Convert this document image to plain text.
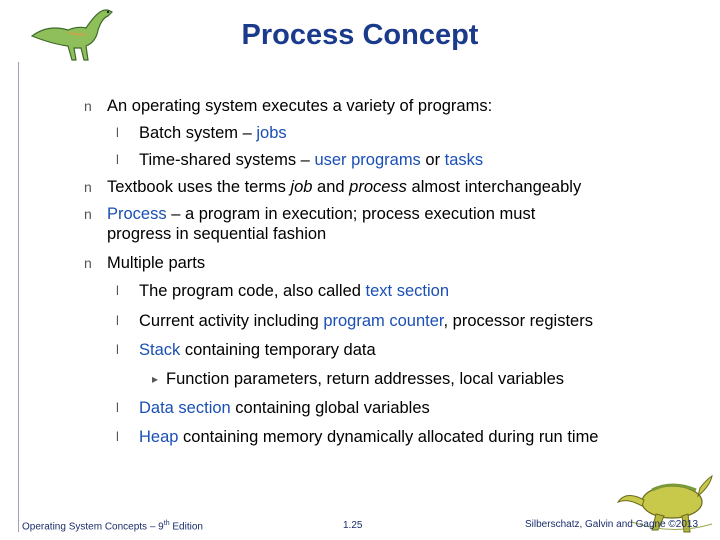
Process Concept
n An operating system executes a variety of programs:
l Batch system – jobs
l Time-shared systems – user programs or tasks
n Textbook uses the terms job and process almost interchangeably
n Process – a program in execution; process execution must
progress in sequential fashion
n Multiple parts
l The program code, also called text section
l Current activity including program counter, processor registers
l Stack containing temporary data
▸ Function parameters, return addresses, local variables
l Data section containing global variables
l Heap containing memory dynamically allocated during run time
Operating System Concepts – 9th Edition	1.25	Silberschatz, Galvin and Gagne ©2013
